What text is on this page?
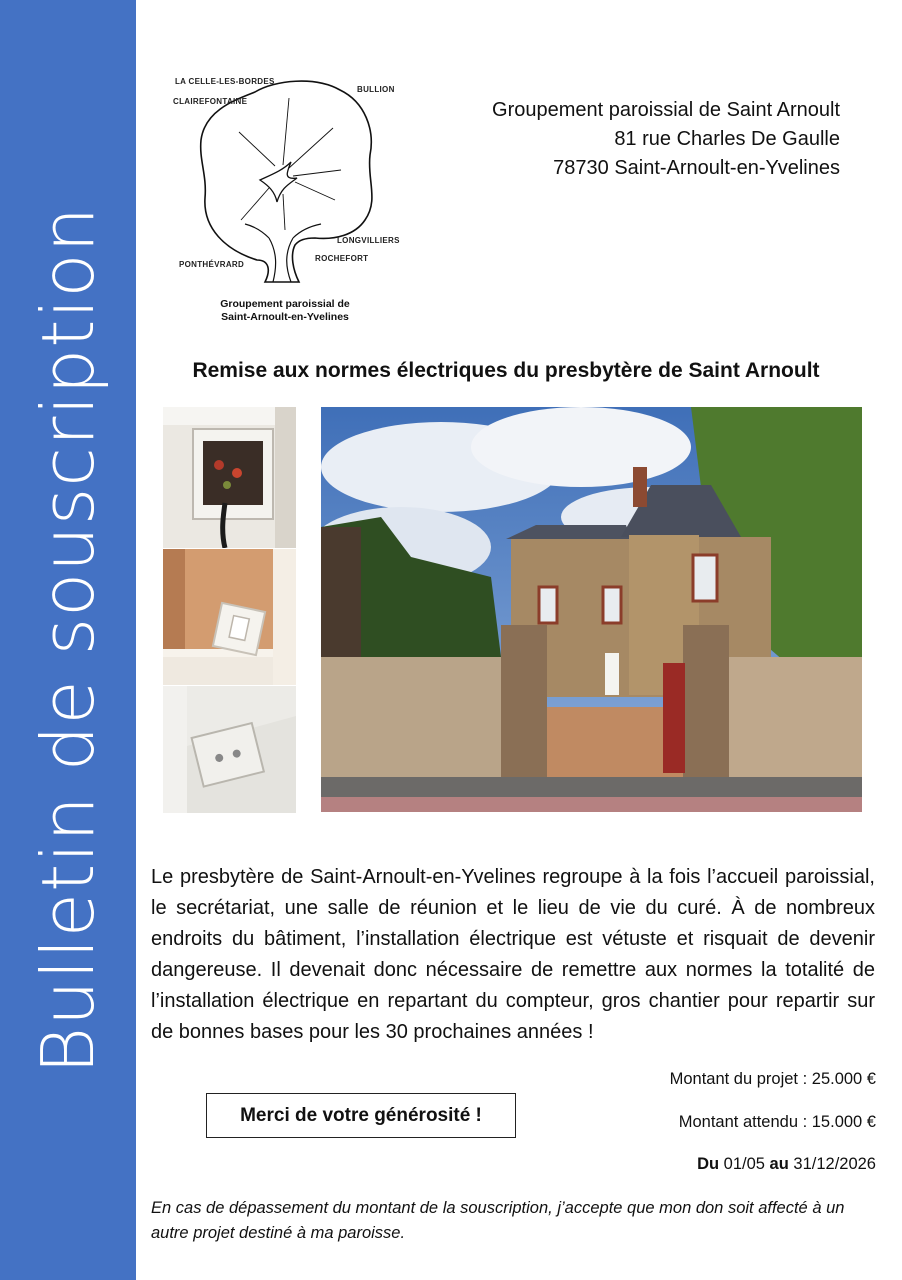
Bulletin de souscription
LA CELLE-LES-BORDES
CLAIREFONTAINE
BULLION
LONGVILLIERS
ROCHEFORT
PONTHÉVRARD
Groupement paroissial de
Saint-Arnoult-en-Yvelines
Groupement paroissial de Saint Arnoult
81 rue Charles De Gaulle
78730 Saint-Arnoult-en-Yvelines
Remise aux normes électriques du presbytère de Saint Arnoult
Le presbytère de Saint-Arnoult-en-Yvelines regroupe à la fois l’accueil paroissial, le secrétariat, une salle de réunion et le lieu de vie du curé. À de nombreux endroits du bâtiment, l’installation électrique est vétuste et risquait de devenir dangereuse. Il devenait donc nécessaire de remettre aux normes la totalité de l’installation électrique en repartant du compteur, gros chantier pour repartir sur de bonnes bases pour les 30 prochaines années !
Montant du projet : 25.000 €
Montant attendu : 15.000 €
Du 01/05 au 31/12/2026
Merci de votre générosité !
En cas de dépassement du montant de la souscription, j’accepte que mon don soit affecté à un autre projet destiné à ma paroisse.
